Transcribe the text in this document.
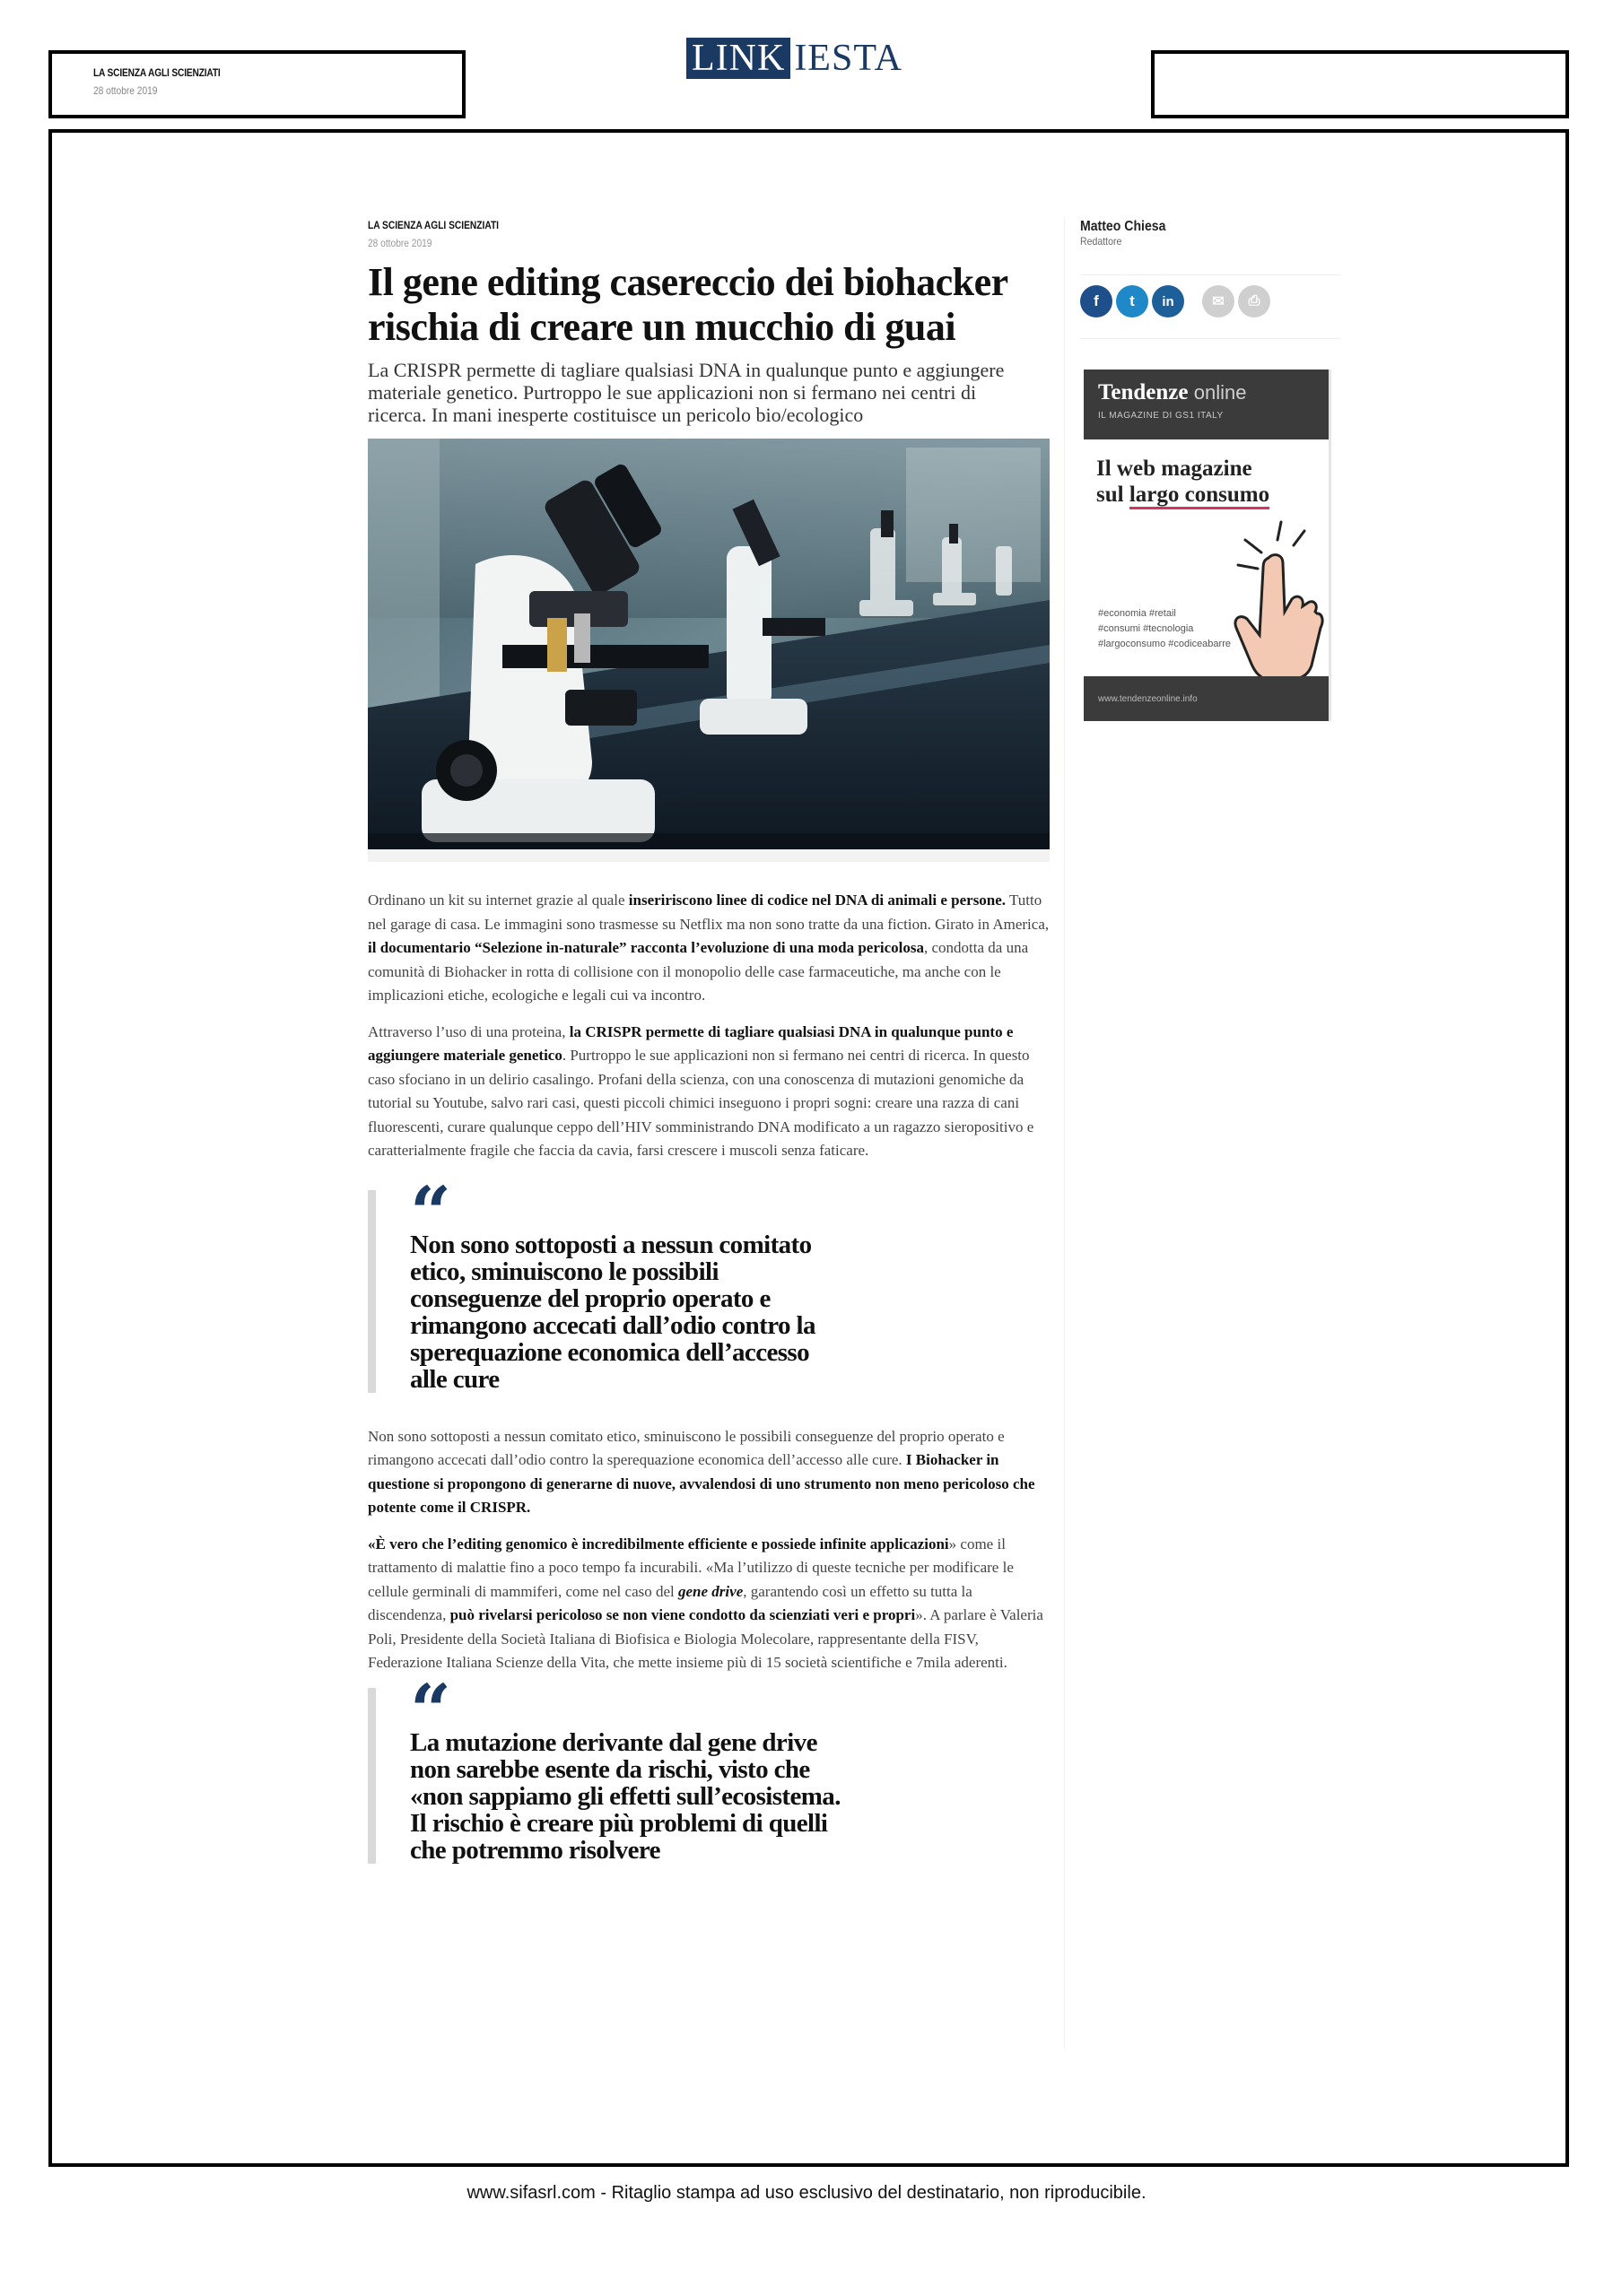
LA SCIENZA AGLI SCIENZIATI
28 ottobre 2019
LINK IESTA
LA SCIENZA AGLI SCIENZIATI
28 ottobre 2019
Il gene editing casereccio dei biohacker rischia di creare un mucchio di guai
La CRISPR permette di tagliare qualsiasi DNA in qualunque punto e aggiungere materiale genetico. Purtroppo le sue applicazioni non si fermano nei centri di ricerca. In mani inesperte costituisce un pericolo bio/ecologico

Ordinano un kit su internet grazie al quale inseririscono linee di codice nel DNA di animali e persone. Tutto nel garage di casa. Le immagini sono trasmesse su Netflix ma non sono tratte da una fiction. Girato in America, il documentario “Selezione in-naturale” racconta l’evoluzione di una moda pericolosa, condotta da una comunità di Biohacker in rotta di collisione con il monopolio delle case farmaceutiche, ma anche con le implicazioni etiche, ecologiche e legali cui va incontro.

Attraverso l’uso di una proteina, la CRISPR permette di tagliare qualsiasi DNA in qualunque punto e aggiungere materiale genetico. Purtroppo le sue applicazioni non si fermano nei centri di ricerca. In questo caso sfociano in un delirio casalingo. Profani della scienza, con una conoscenza di mutazioni genomiche da tutorial su Youtube, salvo rari casi, questi piccoli chimici inseguono i propri sogni: creare una razza di cani fluorescenti, curare qualunque ceppo dell’HIV somministrando DNA modificato a un ragazzo sieropositivo e caratterialmente fragile che faccia da cavia, farsi crescere i muscoli senza faticare.

“
Non sono sottoposti a nessun comitato etico, sminuiscono le possibili conseguenze del proprio operato e rimangono accecati dall’odio contro la sperequazione economica dell’accesso alle cure

Non sono sottoposti a nessun comitato etico, sminuiscono le possibili conseguenze del proprio operato e rimangono accecati dall’odio contro la sperequazione economica dell’accesso alle cure. I Biohacker in questione si propongono di generarne di nuove, avvalendosi di uno strumento non meno pericoloso che potente come il CRISPR.

«È vero che l’editing genomico è incredibilmente efficiente e possiede infinite applicazioni» come il trattamento di malattie fino a poco tempo fa incurabili. «Ma l’utilizzo di queste tecniche per modificare le cellule germinali di mammiferi, come nel caso del gene drive, garantendo così un effetto su tutta la discendenza, può rivelarsi pericoloso se non viene condotto da scienziati veri e propri». A parlare è Valeria Poli, Presidente della Società Italiana di Biofisica e Biologia Molecolare, rappresentante della FISV, Federazione Italiana Scienze della Vita, che mette insieme più di 15 società scientifiche e 7mila aderenti.

“
La mutazione derivante dal gene drive non sarebbe esente da rischi, visto che «non sappiamo gli effetti sull’ecosistema. Il rischio è creare più problemi di quelli che potremmo risolvere
Matteo Chiesa
Redattore
f	t	in	✉	⎙
Tendenze online
IL MAGAZINE DI GS1 ITALY
Il web magazine
sul largo consumo
#economia #retail
#consumi #tecnologia
#largoconsumo #codiceabarre
www.tendenzeonline.info
www.sifasrl.com - Ritaglio stampa ad uso esclusivo del destinatario, non riproducibile.
